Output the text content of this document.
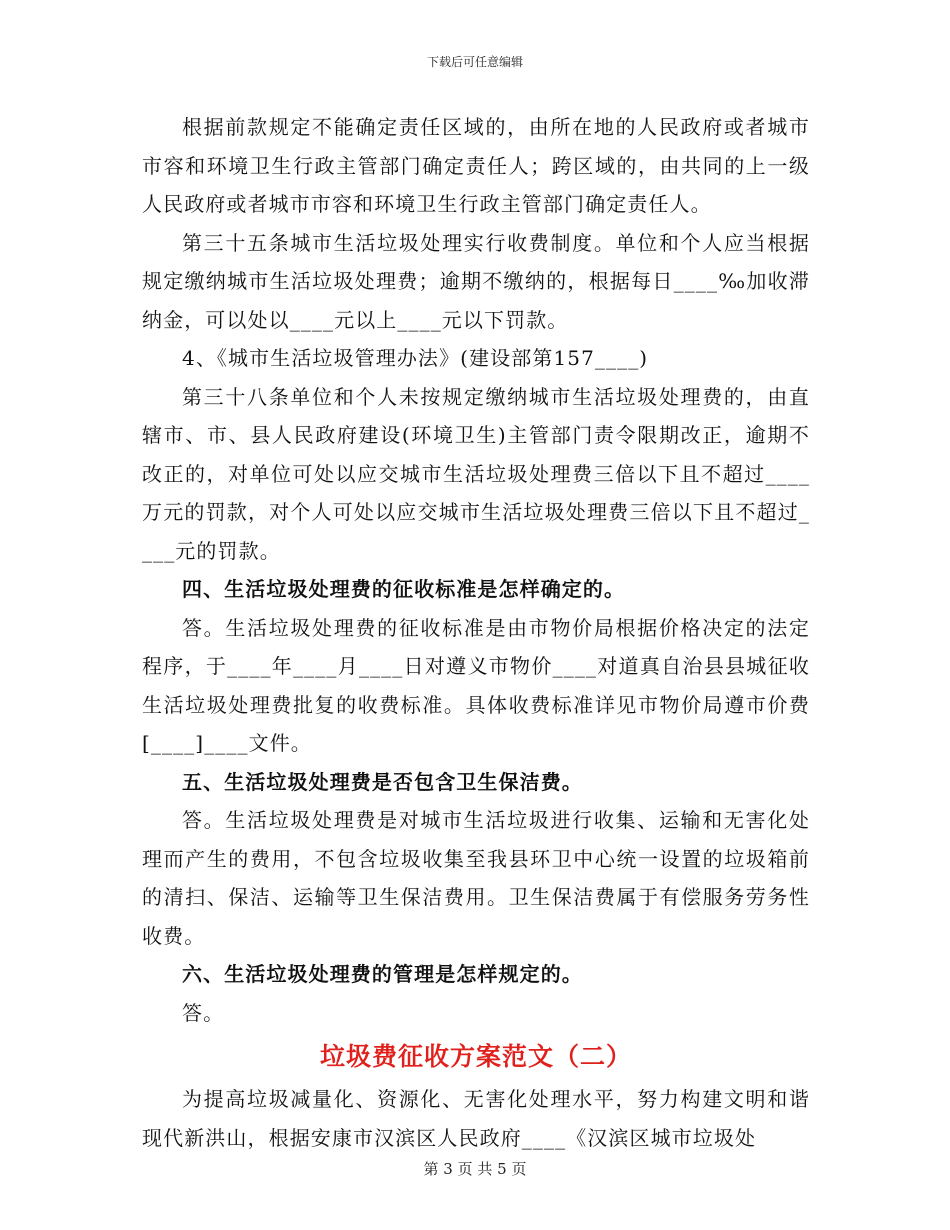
下载后可任意编辑

根据前款规定不能确定责任区域的，由所在地的人民政府或者城市市容和环境卫生行政主管部门确定责任人；跨区域的，由共同的上一级人民政府或者城市市容和环境卫生行政主管部门确定责任人。

第三十五条城市生活垃圾处理实行收费制度。单位和个人应当根据规定缴纳城市生活垃圾处理费；逾期不缴纳的，根据每日____‰加收滞纳金，可以处以____元以上____元以下罚款。

4、《城市生活垃圾管理办法》(建设部第157____)

第三十八条单位和个人未按规定缴纳城市生活垃圾处理费的，由直辖市、市、县人民政府建设(环境卫生)主管部门责令限期改正，逾期不改正的，对单位可处以应交城市生活垃圾处理费三倍以下且不超过____万元的罚款，对个人可处以应交城市生活垃圾处理费三倍以下且不超过____元的罚款。

四、生活垃圾处理费的征收标准是怎样确定的。

答。生活垃圾处理费的征收标准是由市物价局根据价格决定的法定程序，于____年____月____日对遵义市物价____对道真自治县县城征收生活垃圾处理费批复的收费标准。具体收费标准详见市物价局遵市价费[____]____文件。

五、生活垃圾处理费是否包含卫生保洁费。

答。生活垃圾处理费是对城市生活垃圾进行收集、运输和无害化处理而产生的费用，不包含垃圾收集至我县环卫中心统一设置的垃圾箱前的清扫、保洁、运输等卫生保洁费用。卫生保洁费属于有偿服务劳务性收费。

六、生活垃圾处理费的管理是怎样规定的。

答。

垃圾费征收方案范文（二）

为提高垃圾减量化、资源化、无害化处理水平，努力构建文明和谐现代新洪山，根据安康市汉滨区人民政府____《汉滨区城市垃圾处

第 3 页 共 5 页
